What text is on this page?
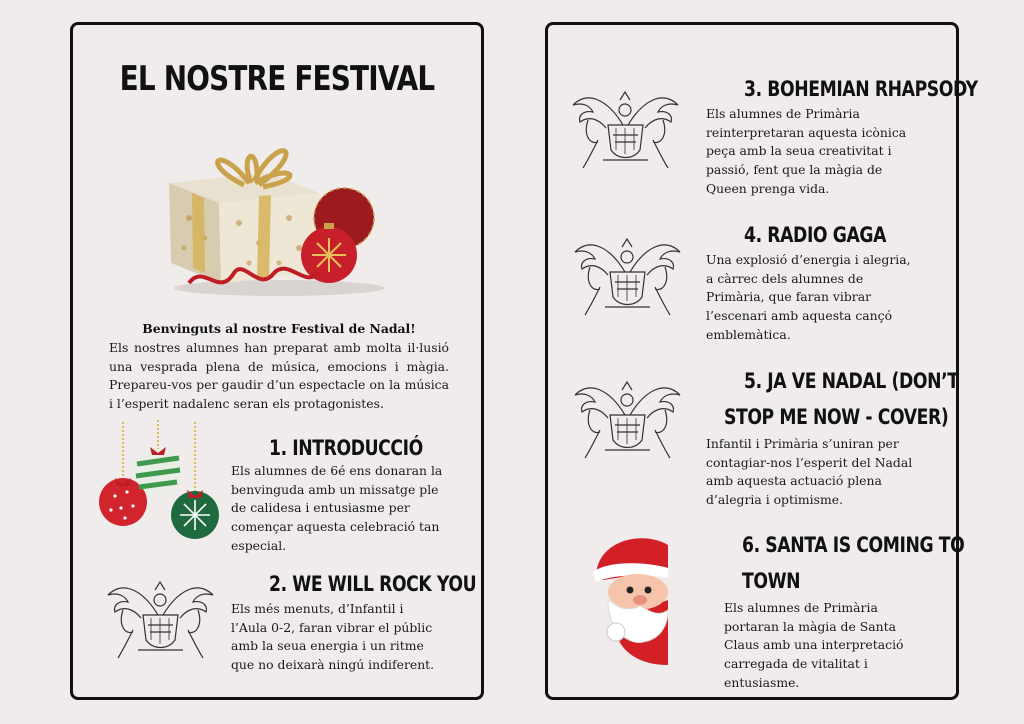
EL NOSTRE FESTIVAL
Benvinguts al nostre Festival de Nadal!
Els nostres alumnes han preparat amb molta il·lusió una vesprada plena de música, emocions i màgia. Prepareu-vos per gaudir d’un espectacle on la música i l’esperit nadalenc seran els protagonistes.
1. INTRODUCCIÓ
Els alumnes de 6é ens donaran la benvinguda amb un missatge ple de calidesa i entusiasme per començar aquesta celebració tan especial.
2. WE WILL ROCK YOU
Els més menuts, d’Infantil i l’Aula 0-2, faran vibrar el públic amb la seua energia i un ritme que no deixarà ningú indiferent.
3. BOHEMIAN RHAPSODY
Els alumnes de Primària reinterpretaran aquesta icònica peça amb la seua creativitat i passió, fent que la màgia de Queen prenga vida.
4. RADIO GAGA
Una explosió d’energia i alegria, a càrrec dels alumnes de Primària, que faran vibrar l’escenari amb aquesta cançó emblemàtica.
5. JA VE NADAL (DON’T
STOP ME NOW - COVER)
Infantil i Primària s’uniran per contagiar-nos l’esperit del Nadal amb aquesta actuació plena d’alegria i optimisme.
6. SANTA IS COMING TO
TOWN
Els alumnes de Primària portaran la màgia de Santa Claus amb una interpretació carregada de vitalitat i entusiasme.
